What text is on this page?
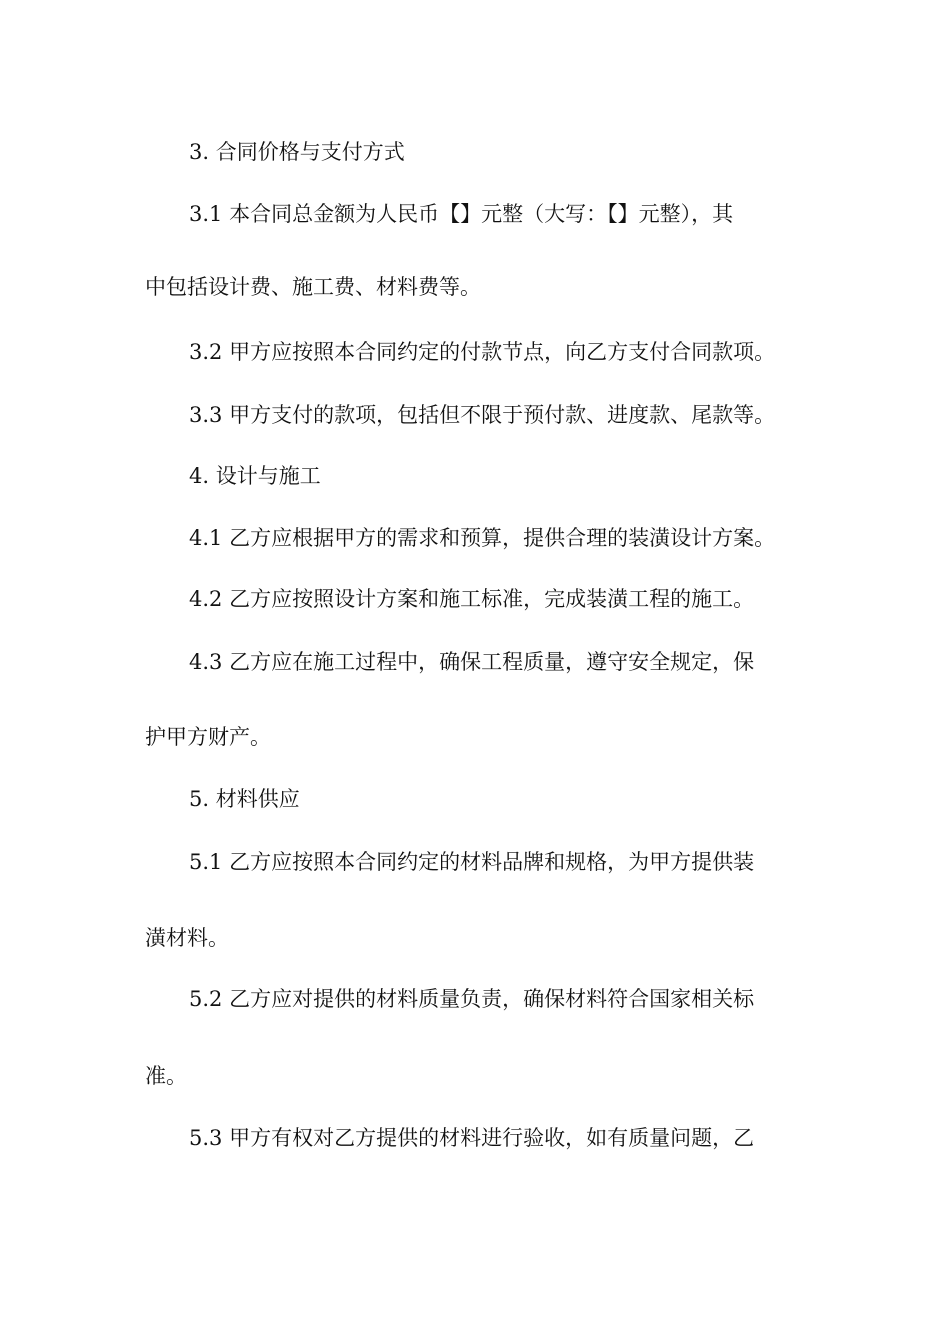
3. 合同价格与支付方式
3.1 本合同总金额为人民币【】元整（大写：【】元整），其
中包括设计费、施工费、材料费等。
3.2 甲方应按照本合同约定的付款节点，向乙方支付合同款项。
3.3 甲方支付的款项，包括但不限于预付款、进度款、尾款等。
4. 设计与施工
4.1 乙方应根据甲方的需求和预算，提供合理的装潢设计方案。
4.2 乙方应按照设计方案和施工标准，完成装潢工程的施工。
4.3 乙方应在施工过程中，确保工程质量，遵守安全规定，保
护甲方财产。
5. 材料供应
5.1 乙方应按照本合同约定的材料品牌和规格，为甲方提供装
潢材料。
5.2 乙方应对提供的材料质量负责，确保材料符合国家相关标
准。
5.3 甲方有权对乙方提供的材料进行验收，如有质量问题，乙
